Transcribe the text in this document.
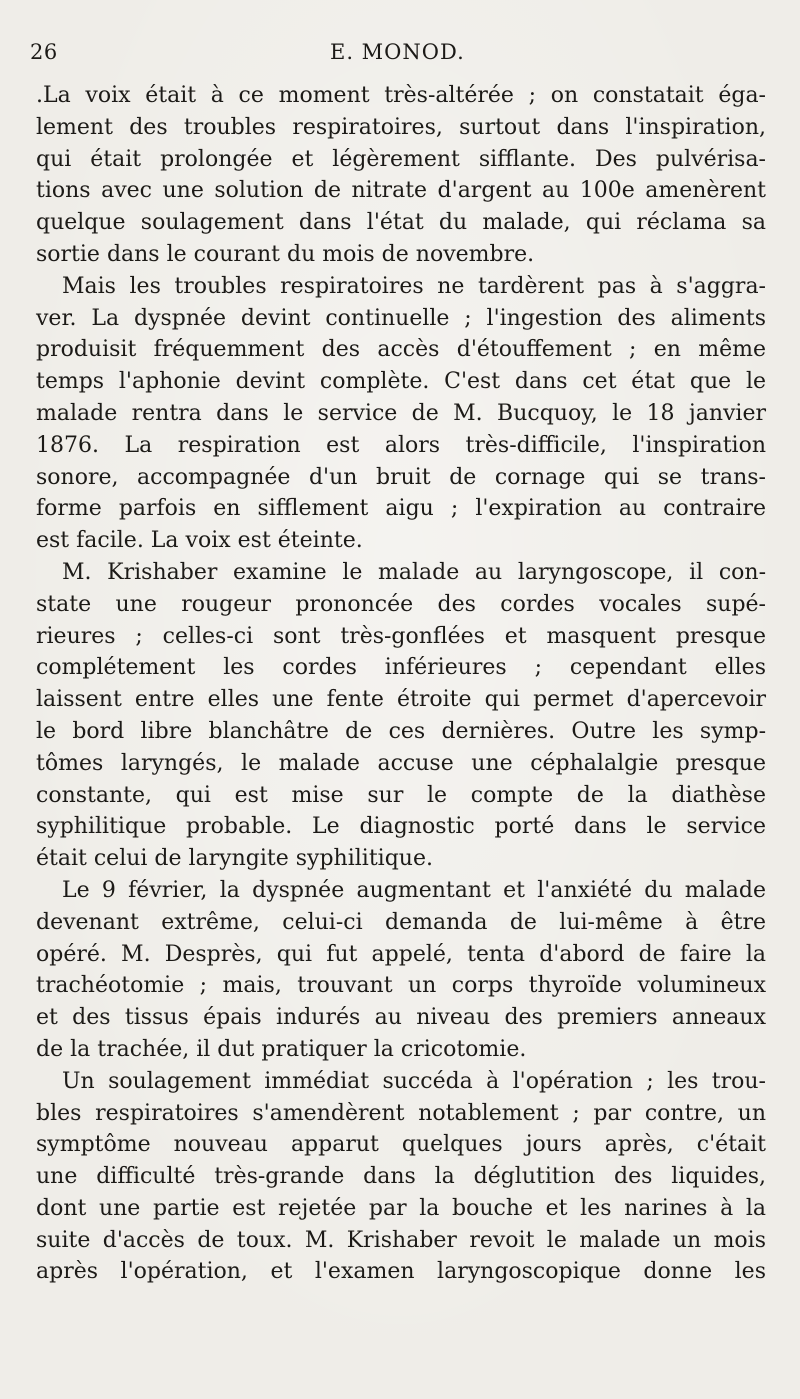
26	E. MONOD.
.La voix était à ce moment très-altérée ; on constatait éga-
lement des troubles respiratoires, surtout dans l'inspiration,
qui était prolongée et légèrement sifflante. Des pulvérisa-
tions avec une solution de nitrate d'argent au 100e amenèrent
quelque soulagement dans l'état du malade, qui réclama sa
sortie dans le courant du mois de novembre.
Mais les troubles respiratoires ne tardèrent pas à s'aggra-
ver. La dyspnée devint continuelle ; l'ingestion des aliments
produisit fréquemment des accès d'étouffement ; en même
temps l'aphonie devint complète. C'est dans cet état que le
malade rentra dans le service de M. Bucquoy, le 18 janvier
1876. La respiration est alors très-difficile, l'inspiration
sonore, accompagnée d'un bruit de cornage qui se trans-
forme parfois en sifflement aigu ; l'expiration au contraire
est facile. La voix est éteinte.
M. Krishaber examine le malade au laryngoscope, il con-
state une rougeur prononcée des cordes vocales supé-
rieures ; celles-ci sont très-gonflées et masquent presque
complétement les cordes inférieures ; cependant elles
laissent entre elles une fente étroite qui permet d'apercevoir
le bord libre blanchâtre de ces dernières. Outre les symp-
tômes laryngés, le malade accuse une céphalalgie presque
constante, qui est mise sur le compte de la diathèse
syphilitique probable. Le diagnostic porté dans le service
était celui de laryngite syphilitique.
Le 9 février, la dyspnée augmentant et l'anxiété du malade
devenant extrême, celui-ci demanda de lui-même à être
opéré. M. Desprès, qui fut appelé, tenta d'abord de faire la
trachéotomie ; mais, trouvant un corps thyroïde volumineux
et des tissus épais indurés au niveau des premiers anneaux
de la trachée, il dut pratiquer la cricotomie.
Un soulagement immédiat succéda à l'opération ; les trou-
bles respiratoires s'amendèrent notablement ; par contre, un
symptôme nouveau apparut quelques jours après, c'était
une difficulté très-grande dans la déglutition des liquides,
dont une partie est rejetée par la bouche et les narines à la
suite d'accès de toux. M. Krishaber revoit le malade un mois
après l'opération, et l'examen laryngoscopique donne les
